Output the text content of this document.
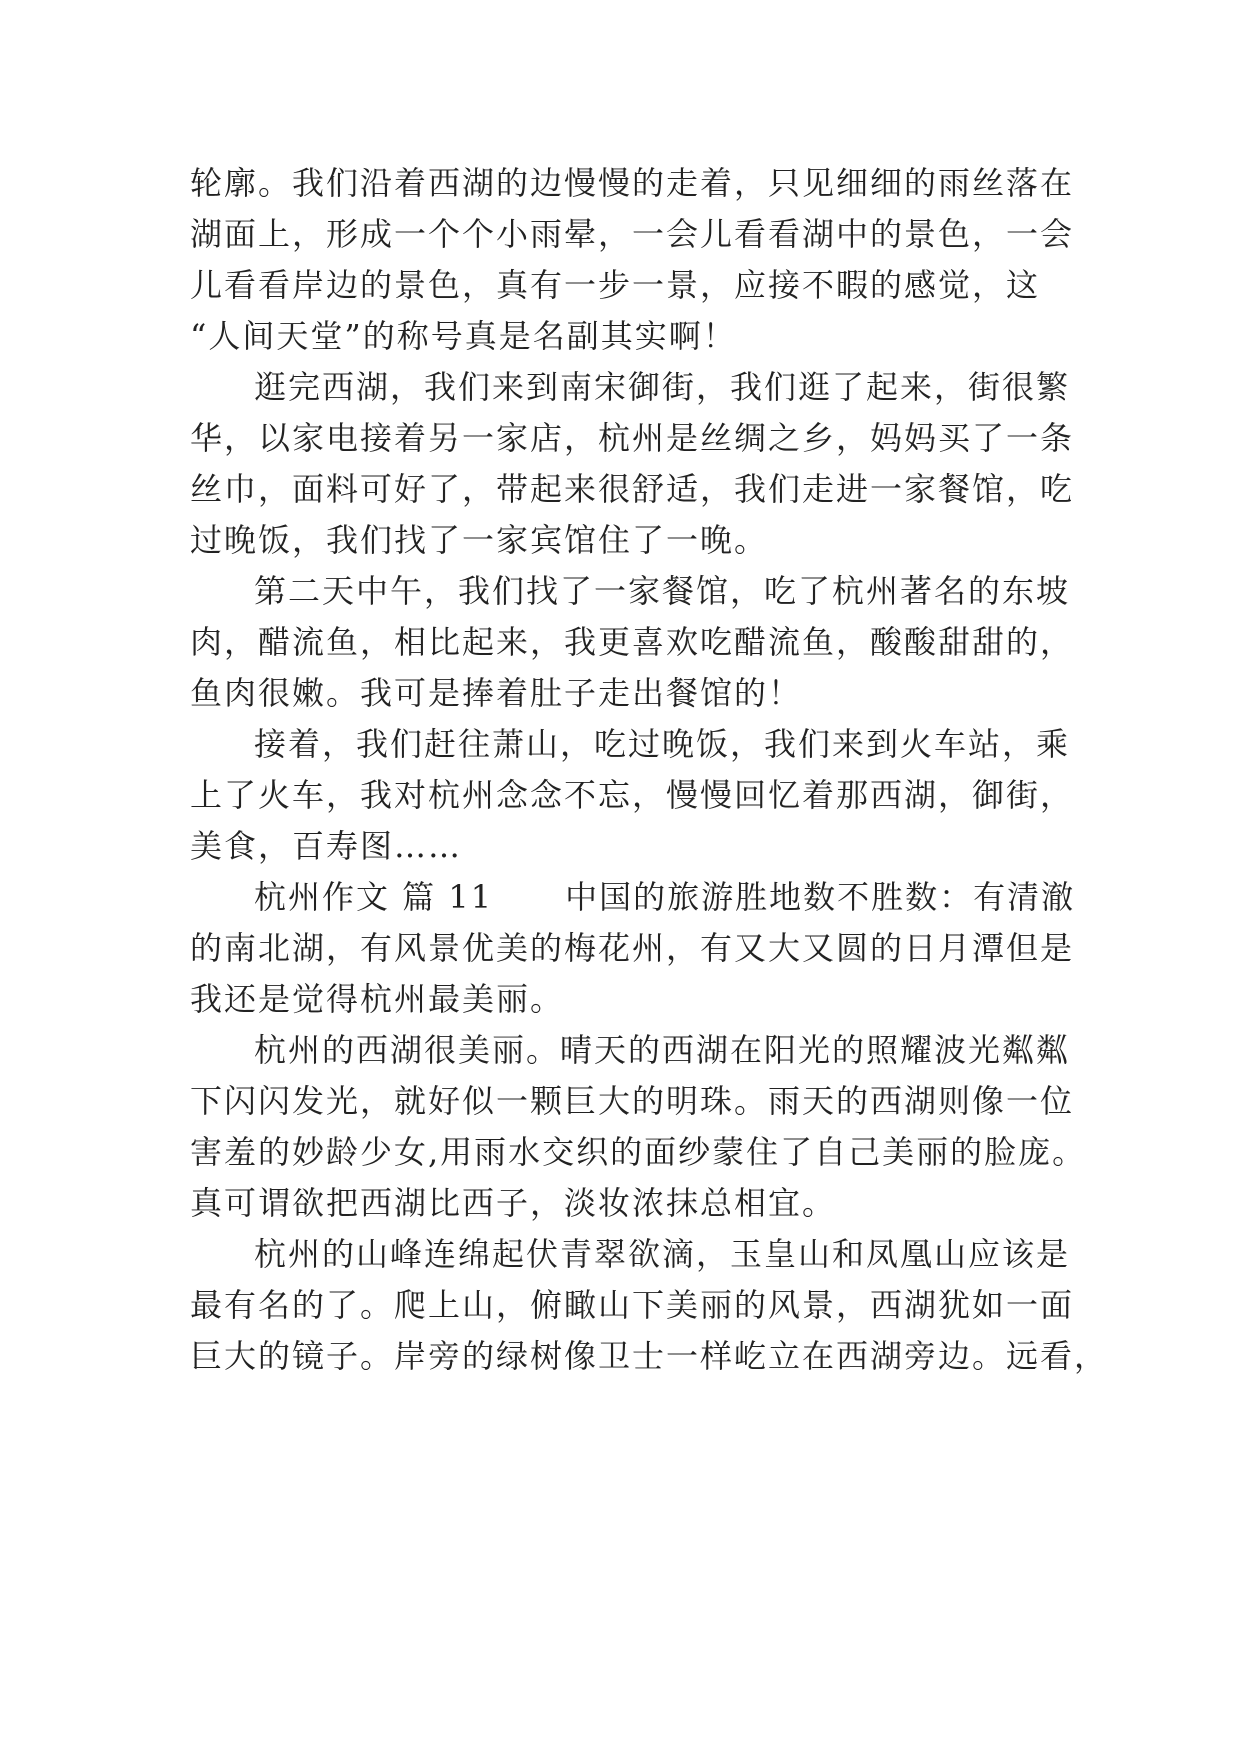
轮廓。我们沿着西湖的边慢慢的走着，只见细细的雨丝落在
湖面上，形成一个个小雨晕，一会儿看看湖中的景色，一会
儿看看岸边的景色，真有一步一景，应接不暇的感觉，这
“人间天堂”的称号真是名副其实啊！

逛完西湖，我们来到南宋御街，我们逛了起来，街很繁
华，以家电接着另一家店，杭州是丝绸之乡，妈妈买了一条
丝巾，面料可好了，带起来很舒适，我们走进一家餐馆，吃
过晚饭，我们找了一家宾馆住了一晚。

第二天中午，我们找了一家餐馆，吃了杭州著名的东坡
肉，醋流鱼，相比起来，我更喜欢吃醋流鱼，酸酸甜甜的，
鱼肉很嫩。我可是捧着肚子走出餐馆的！

接着，我们赶往萧山，吃过晚饭，我们来到火车站，乘
上了火车，我对杭州念念不忘，慢慢回忆着那西湖，御街，
美食，百寿图……

杭州作文 篇 11 中国的旅游胜地数不胜数：有清澈
的南北湖，有风景优美的梅花州，有又大又圆的日月潭但是
我还是觉得杭州最美丽。

杭州的西湖很美丽。晴天的西湖在阳光的照耀波光粼粼
下闪闪发光，就好似一颗巨大的明珠。雨天的西湖则像一位
害羞的妙龄少女,用雨水交织的面纱蒙住了自己美丽的脸庞。
真可谓欲把西湖比西子，淡妆浓抹总相宜。

杭州的山峰连绵起伏青翠欲滴，玉皇山和凤凰山应该是
最有名的了。爬上山，俯瞰山下美丽的风景，西湖犹如一面
巨大的镜子。岸旁的绿树像卫士一样屹立在西湖旁边。远看，
